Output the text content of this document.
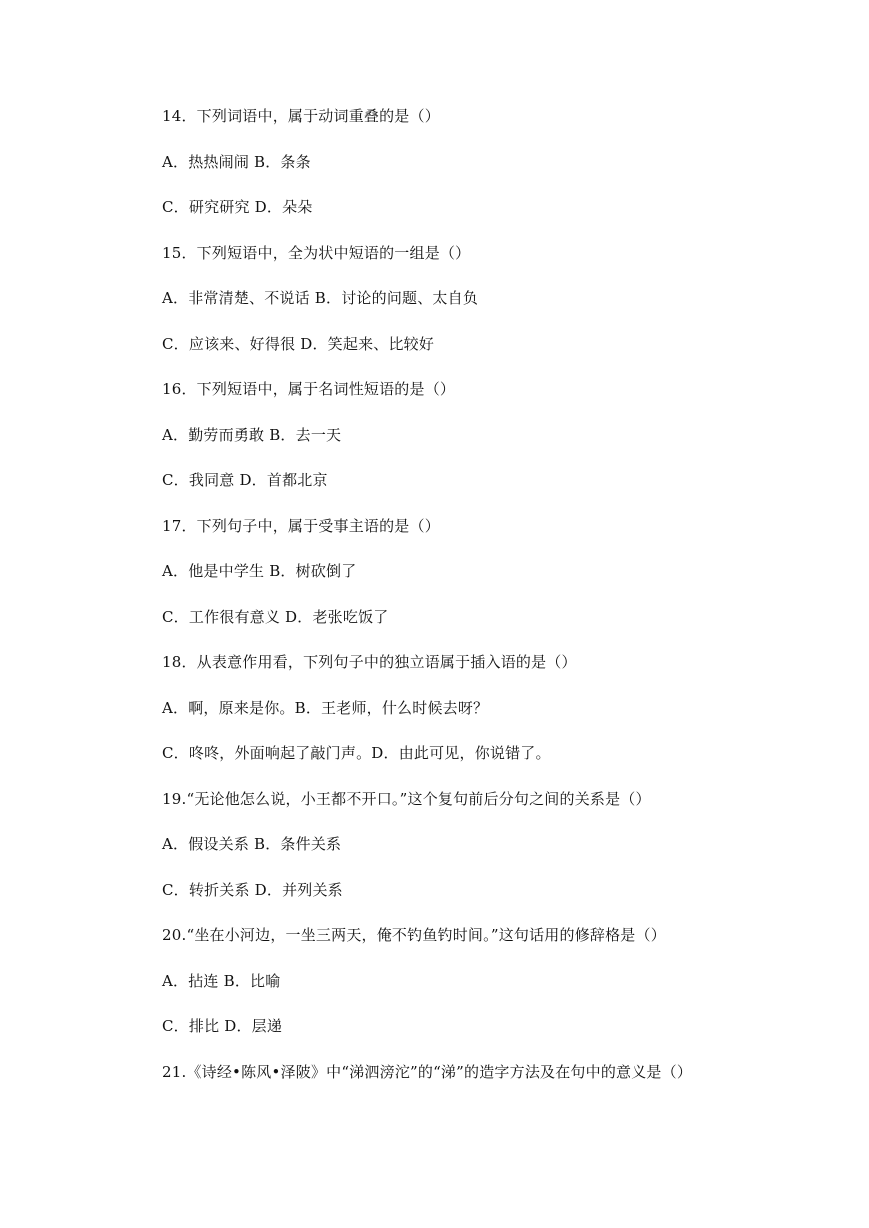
14．下列词语中，属于动词重叠的是（）
A．热热闹闹 B．条条
C．研究研究 D．朵朵
15．下列短语中，全为状中短语的一组是（）
A．非常清楚、不说话 B．讨论的问题、太自负
C．应该来、好得很 D．笑起来、比较好
16．下列短语中，属于名词性短语的是（）
A．勤劳而勇敢 B．去一天
C．我同意 D．首都北京
17．下列句子中，属于受事主语的是（）
A．他是中学生 B．树砍倒了
C．工作很有意义 D．老张吃饭了
18．从表意作用看，下列句子中的独立语属于插入语的是（）
A．啊，原来是你。B．王老师，什么时候去呀？
C．咚咚，外面响起了敲门声。D．由此可见，你说错了。
19.“无论他怎么说，小王都不开口。”这个复句前后分句之间的关系是（）
A．假设关系 B．条件关系
C．转折关系 D．并列关系
20.“坐在小河边，一坐三两天，俺不钓鱼钓时间。”这句话用的修辞格是（）
A．拈连 B．比喻
C．排比 D．层递
21.《诗经•陈风•泽陂》中“涕泗滂沱”的“涕”的造字方法及在句中的意义是（）
